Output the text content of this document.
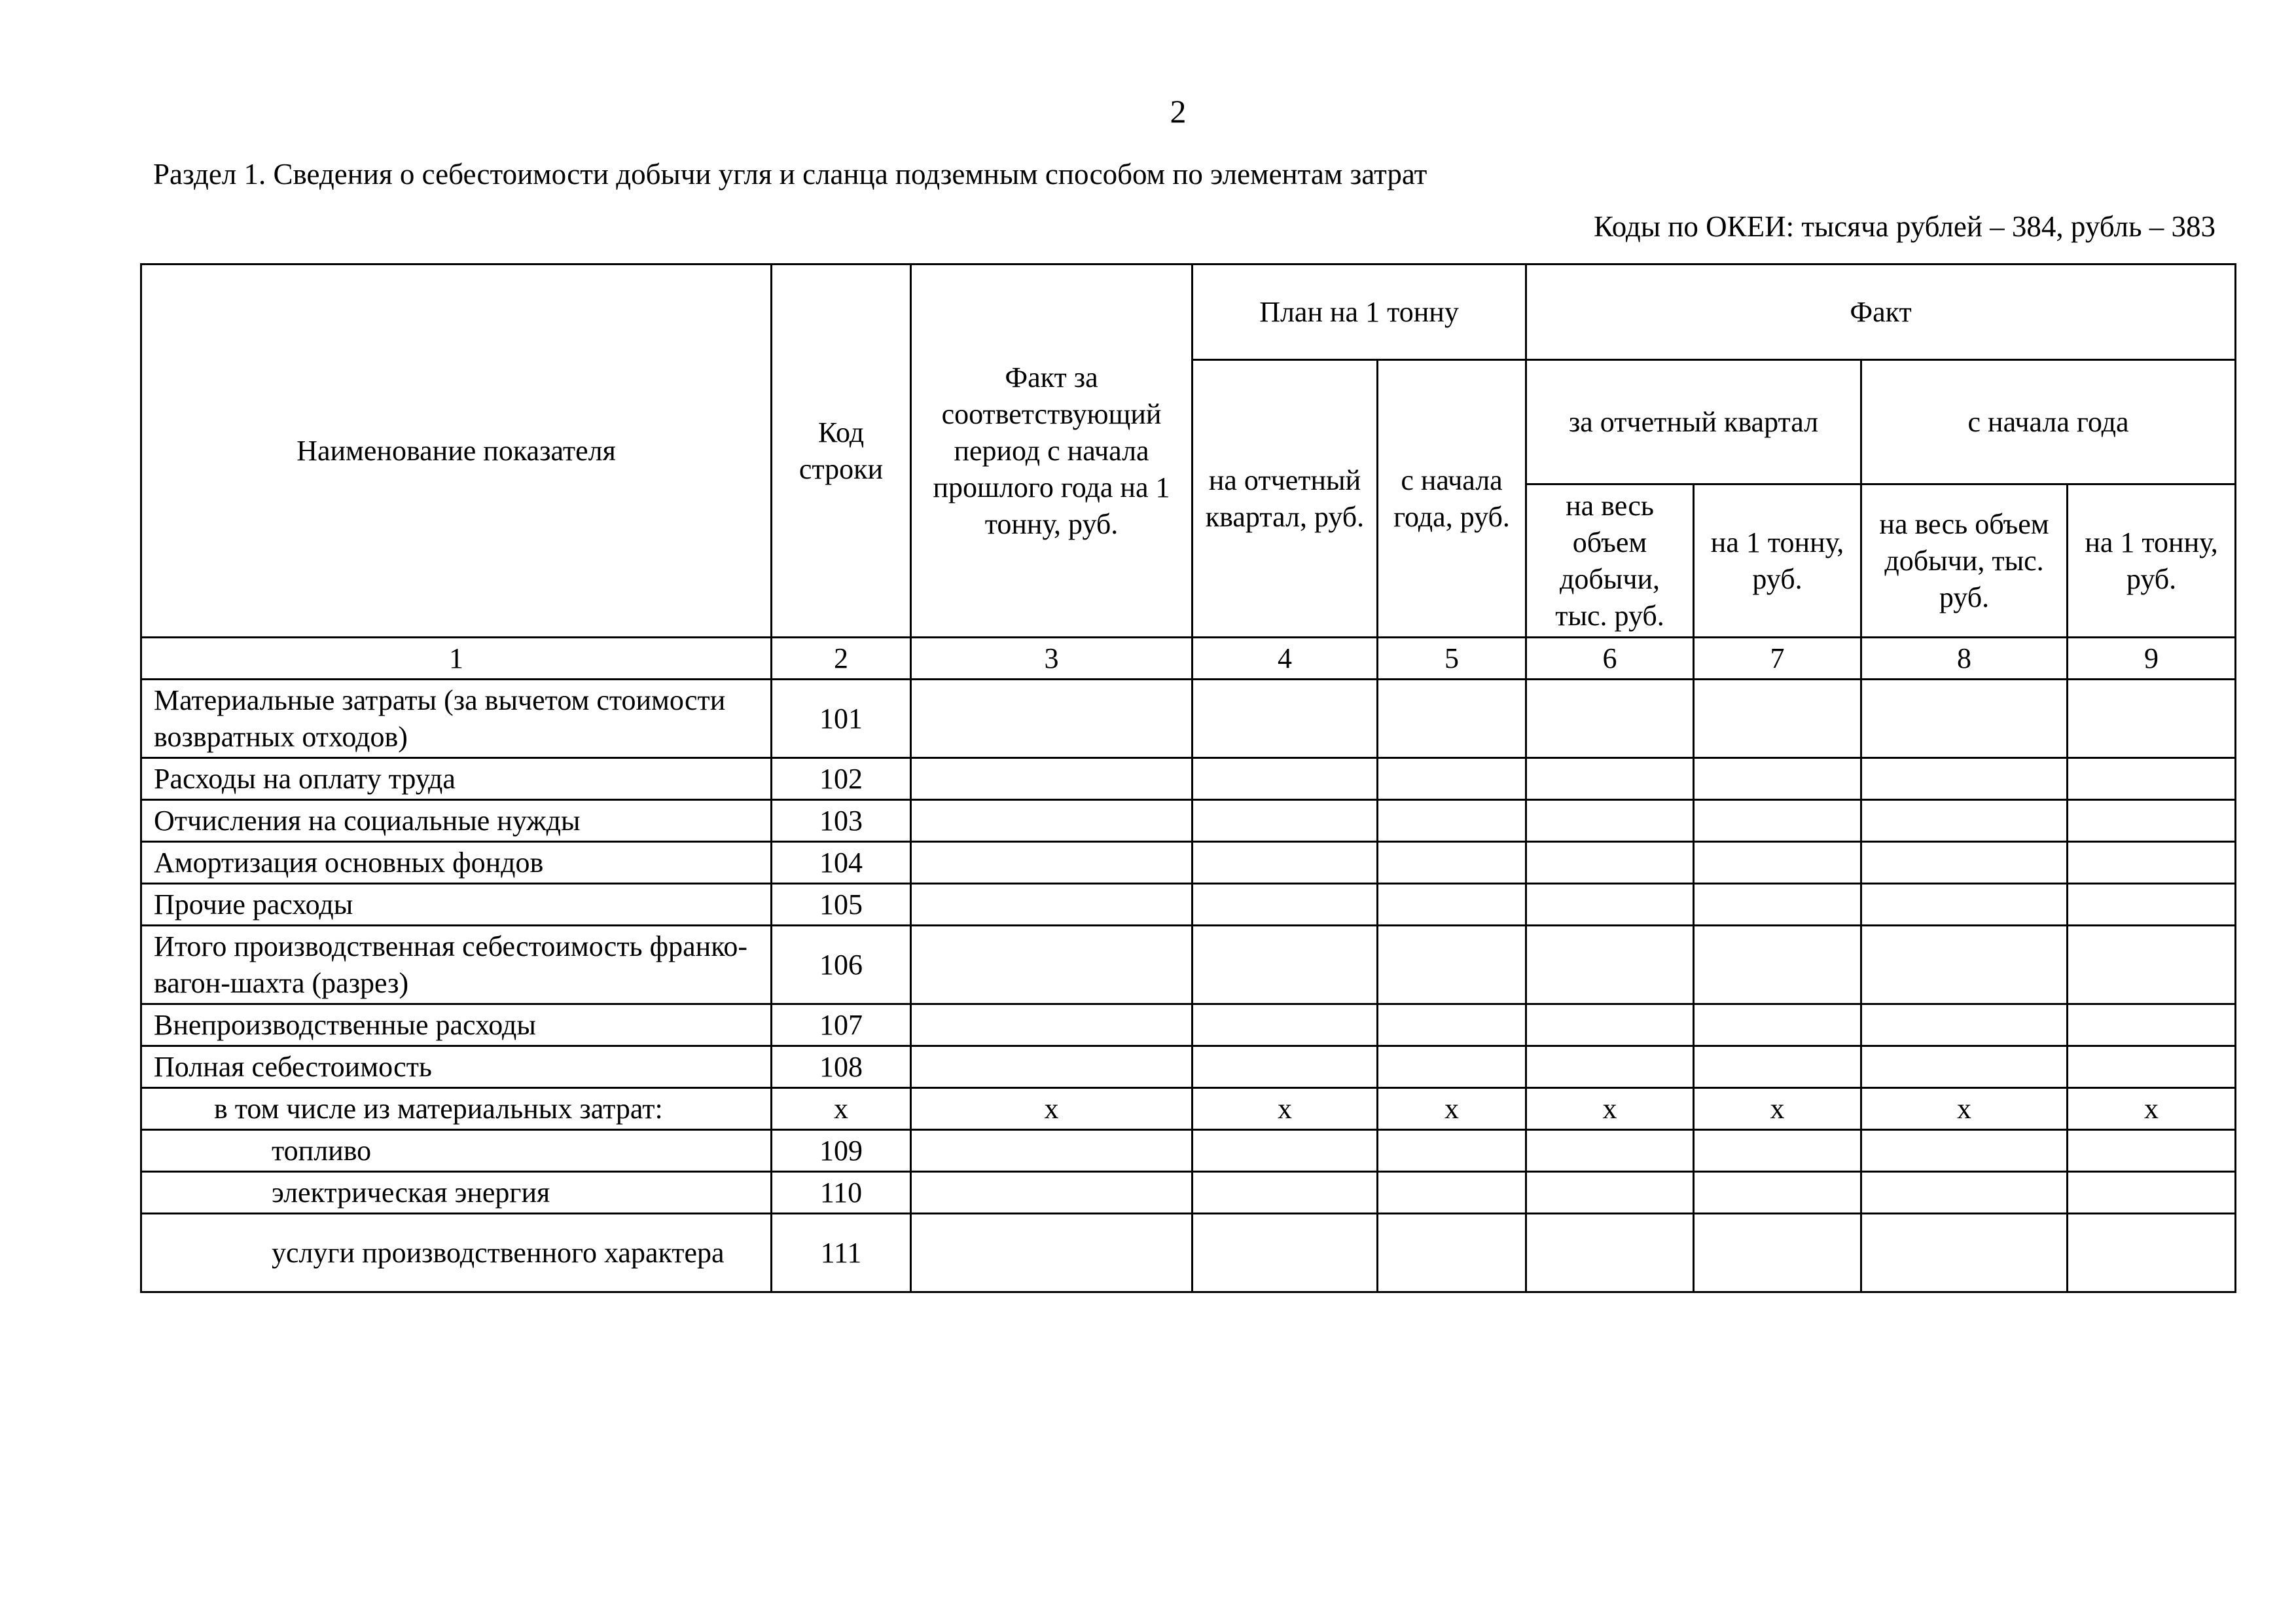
2
Раздел 1. Сведения о себестоимости добычи угля и сланца подземным способом по элементам затрат
Коды по ОКЕИ: тысяча рублей – 384, рубль – 383
Наименование показателя	Код строки	Факт за соответствующий период с начала прошлого года на 1 тонну, руб.	План на 1 тонну		Факт			
			на отчетный квартал, руб.	с начала года, руб.	за отчетный квартал		с начала года	
					на весь объем добычи, тыс. руб.	на 1 тонну, руб.	на весь объем добычи, тыс. руб.	на 1 тонну, руб.
1	2	3	4	5	6	7	8	9
Материальные затраты (за вычетом стоимости возвратных отходов)	101							
Расходы на оплату труда	102							
Отчисления на социальные нужды	103							
Амортизация основных фондов	104							
Прочие расходы	105							
Итого производственная себестоимость франко-вагон-шахта (разрез)	106							
Внепроизводственные расходы	107							
Полная себестоимость	108							
в том числе из материальных затрат:	х	х	х	х	х	х	х	х
топливо	109							
электрическая энергия	110							
услуги производственного характера	111							
